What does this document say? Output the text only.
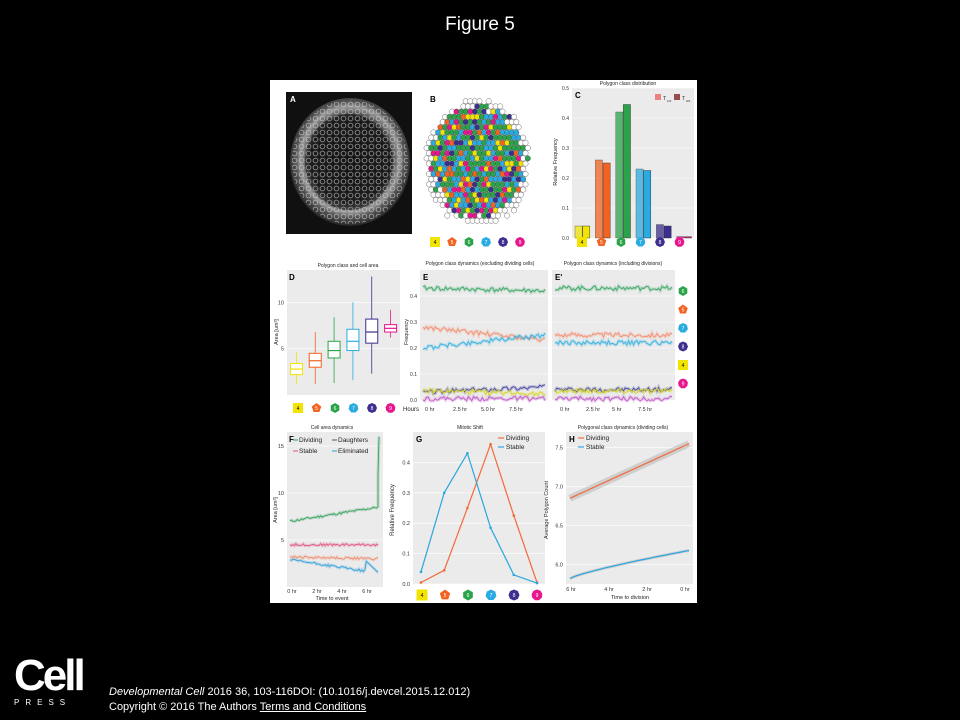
Figure 5
A	B
Polygon class distribution
0.0
0.1
0.2
0.3
0.4
0.5
Relative Frequency
C	T 1/4 T 3/4
4	5	6	7	8	9
4	5	6	7	8	9
Polygon class and cell area
5
10
Area [um²]
D
4	5	6	7	8	9
Polygon class dynamics (excluding dividing cells)	Polygon class dynamics (including divisions)
0.0
0.1
0.2
0.3
0.4
Frequency
E	E'
Hours 0 hr	2.5 hr	5.0 hr	7.5 hr	0 hr	2.5 hr 5 hr	7.5 hr
6
5
7
8
4
9
Cell area dynamics
5
10
15
0 hr	2 hr	4 hr	6 hr
Area [um²]
Time to event
F Dividing Daughters
Stable	Eliminated
Mitotic Shift
0.0
0.1
0.2
0.3
0.4
Relative Frequency
G	Dividing
Stable
4	5	6	7	8	9
Polygonal class dynamics (dividing cells)
6.0
6.5
7.0
7.5
6 hr	4 hr	2 hr	0 hr
Average Polygon Count
Time to division
H Dividing
Stable
Cell
PRESS
Developmental Cell 2016 36, 103-116DOI: (10.1016/j.devcel.2015.12.012)
Copyright © 2016 The Authors Terms and Conditions
